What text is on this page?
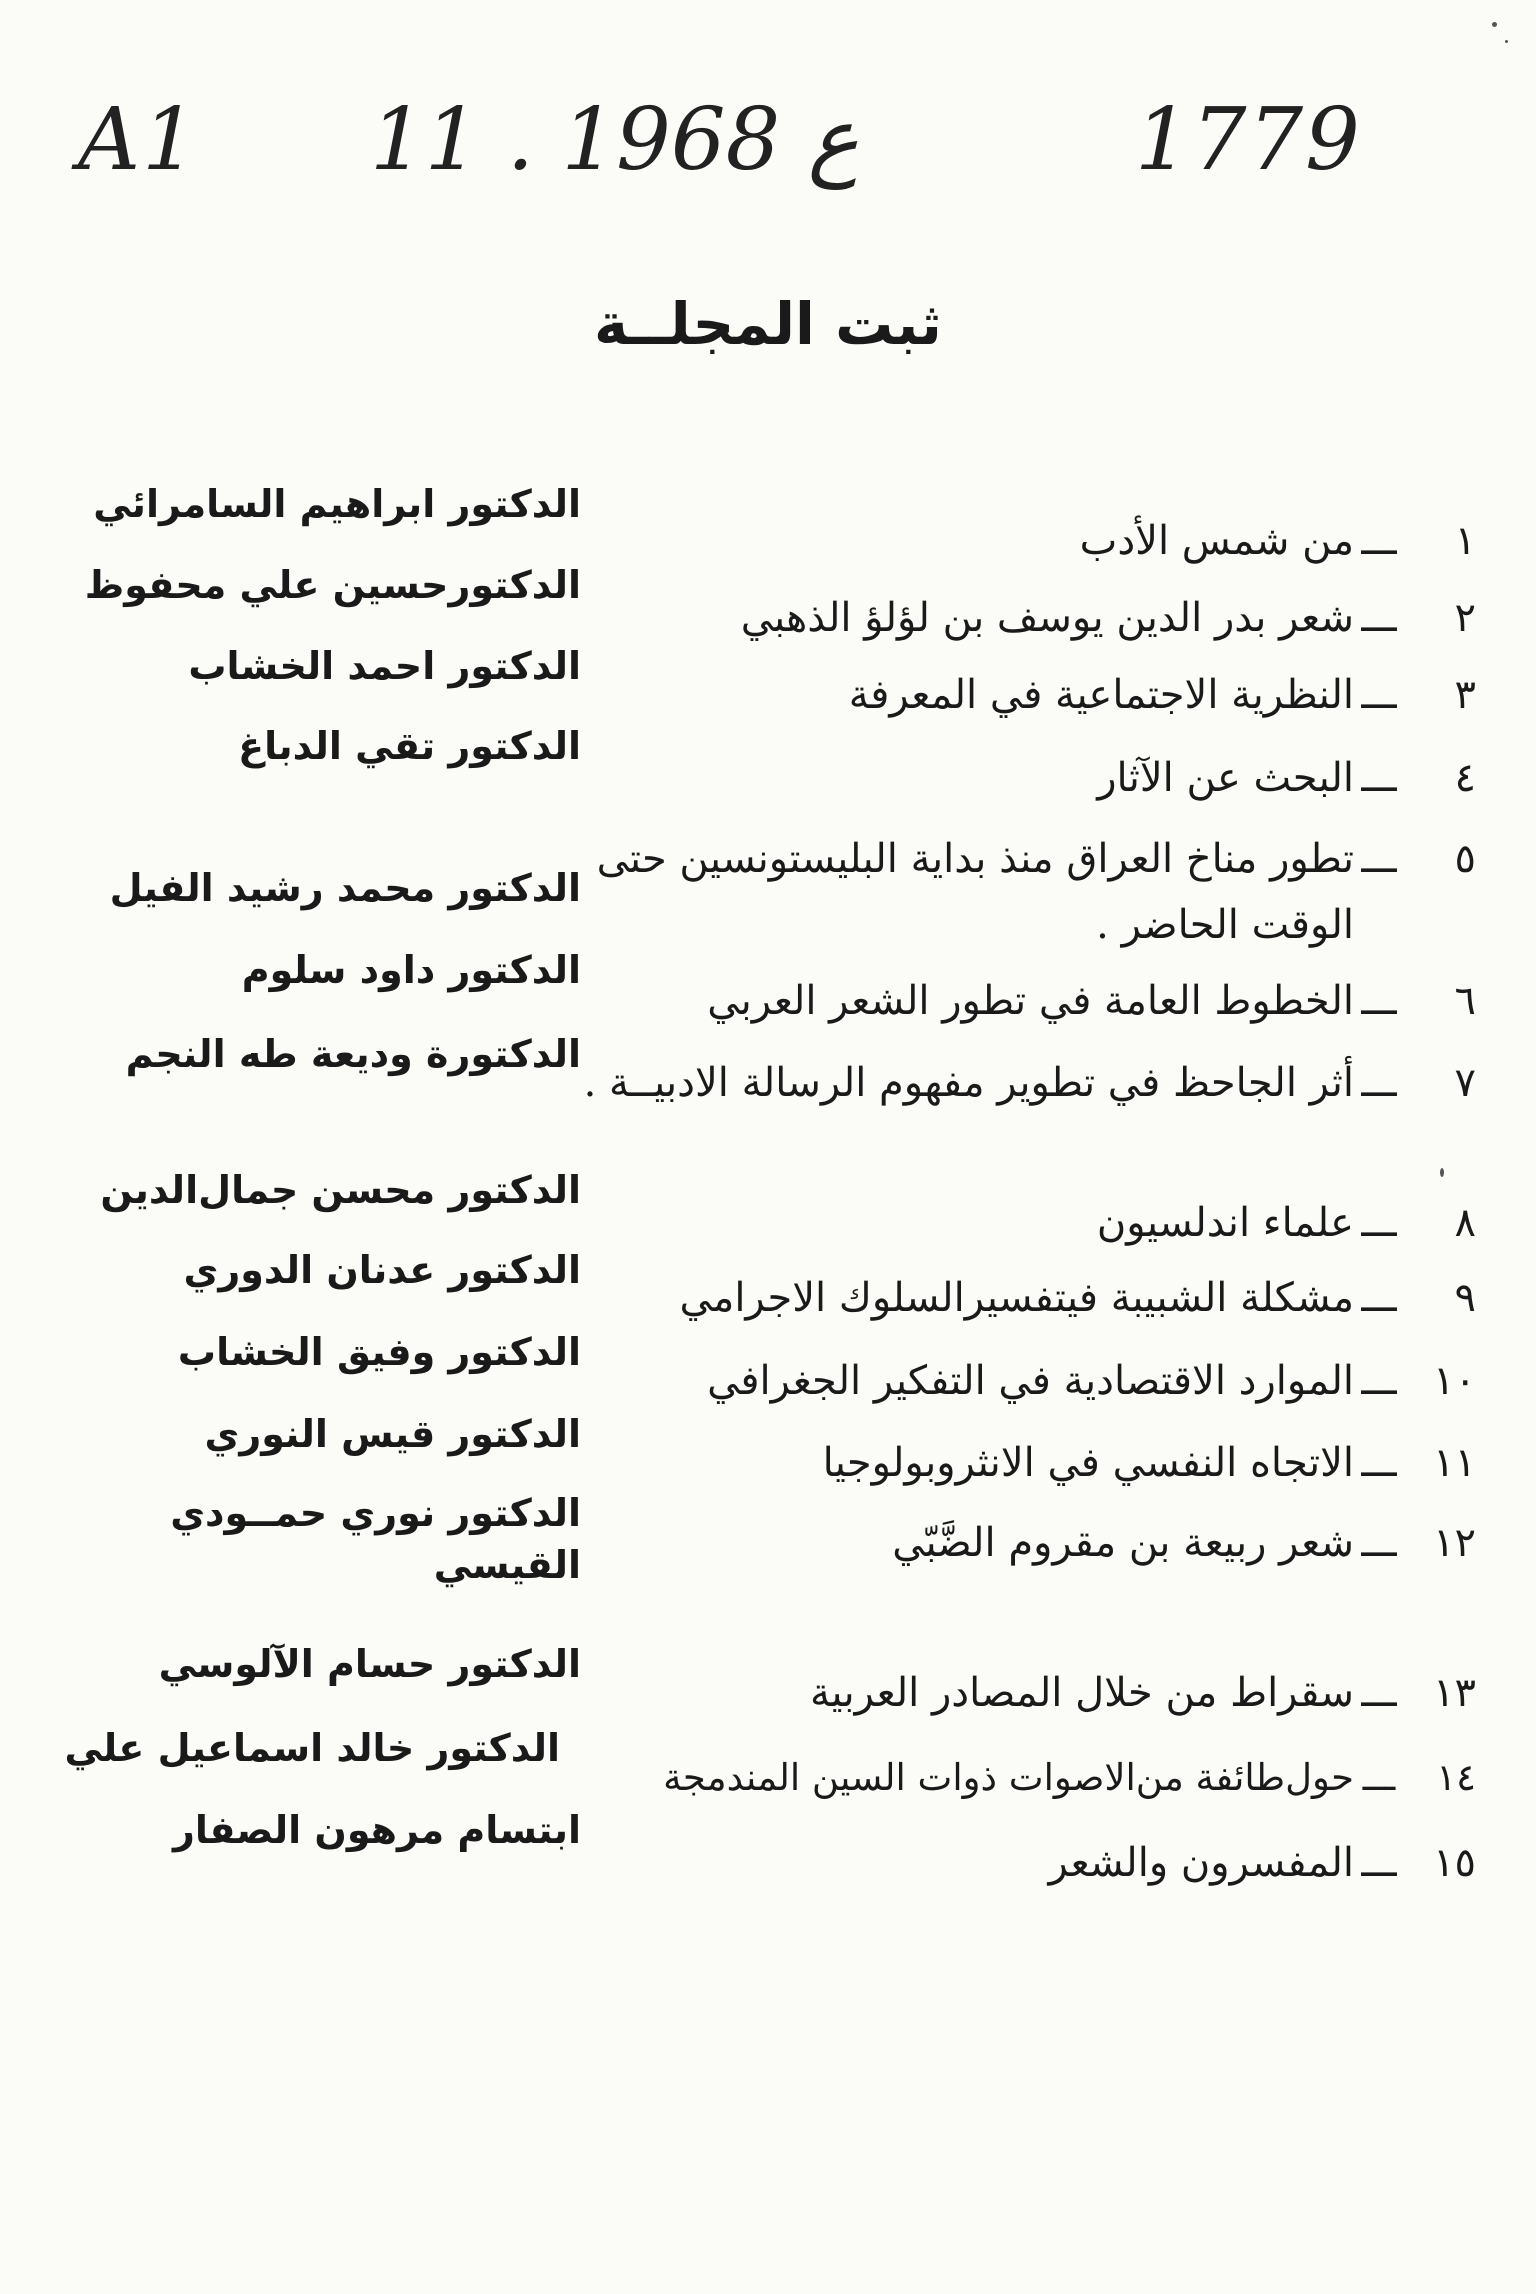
A1 11 . ع 1968	1779
ثبت المجلــة
١
ـــ
من شمس الأدب
الدكتور ابراهيم السامرائي
٢
ـــ
شعر بدر الدين يوسف بن لؤلؤ الذهبي
الدكتورحسين علي محفوظ
٣
ـــ
النظرية الاجتماعية في المعرفة
الدكتور احمد الخشاب
٤
ـــ
البحث عن الآثار
الدكتور تقي الدباغ
٥
ـــ
تطور مناخ العراق منذ بداية البليستونسين حتى الوقت الحاضر .
الدكتور محمد رشيد الفيل
٦
ـــ
الخطوط العامة في تطور الشعر العربي
الدكتور داود سلوم
٧
ـــ
أثر الجاحظ في تطوير مفهوم الرسالة الادبيــة .
الدكتورة وديعة طه النجم
٨
ـــ
علماء اندلسيون
الدكتور محسن جمال‌الدين
٩
ـــ
مشكلة الشبيبة فيتفسيرالسلوك الاجرامي
الدكتور عدنان الدوري
١٠
ـــ
الموارد الاقتصادية في التفكير الجغرافي
الدكتور وفيق الخشاب
١١
ـــ
الاتجاه النفسي في الانثروبولوجيا
الدكتور قيس النوري
١٢
ـــ
شعر ربيعة بن مقروم الضَّبّي
الدكتور نوري حمــودي القيسي
١٣
ـــ
سقراط من خلال المصادر العربية
الدكتور حسام الآلوسي
١٤
ـــ
حول‌طائفة من‌الاصوات ذوات السين المندمجة
الدكتور خالد اسماعيل علي
١٥
ـــ
المفسرون والشعر
ابتسام مرهون الصفار
